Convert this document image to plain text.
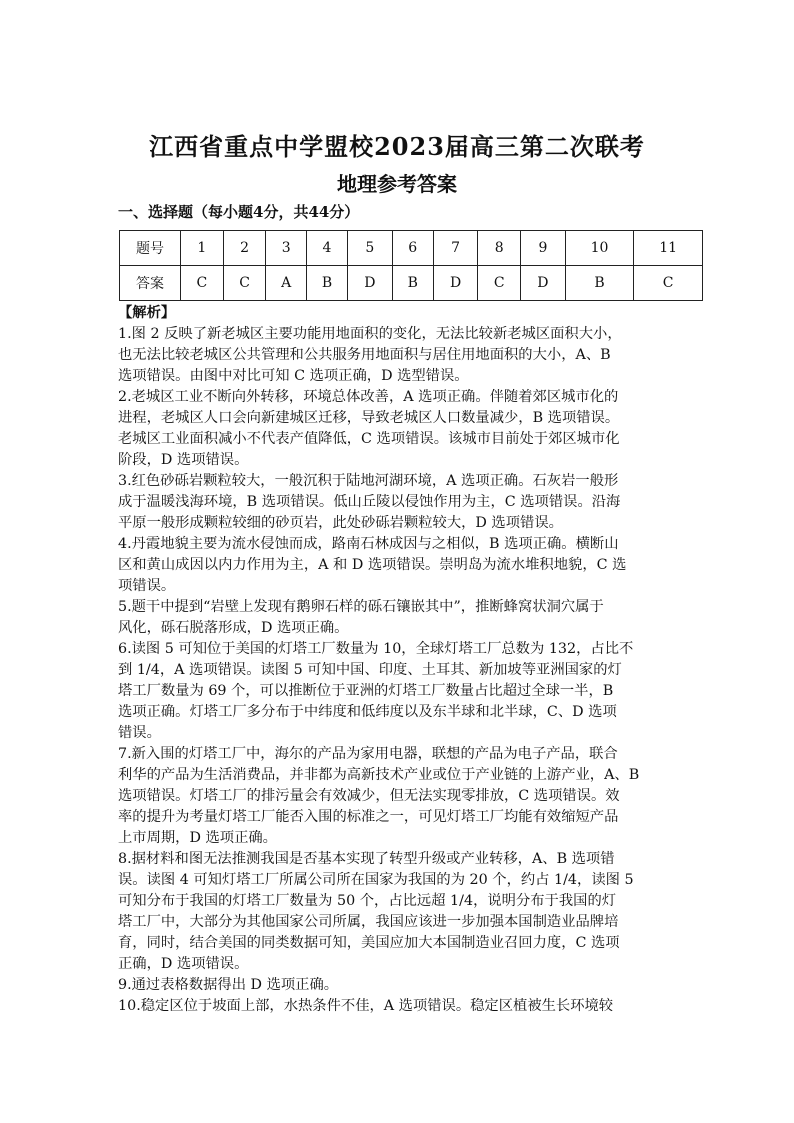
江西省重点中学盟校2023届高三第二次联考
地理参考答案
一、选择题（每小题4分，共44分）
题号	1	2	3	4	5	6	7	8	9	10	11
答案	C	C	A	B	D	B	D	C	D	B	C

【解析】

1.图 2 反映了新老城区主要功能用地面积的变化，无法比较新老城区面积大小，

也无法比较老城区公共管理和公共服务用地面积与居住用地面积的大小，A、B

选项错误。由图中对比可知 C 选项正确，D 选型错误。

2.老城区工业不断向外转移，环境总体改善，A 选项正确。伴随着郊区城市化的

进程，老城区人口会向新建城区迁移，导致老城区人口数量减少，B 选项错误。

老城区工业面积减小不代表产值降低，C 选项错误。该城市目前处于郊区城市化

阶段，D 选项错误。

3.红色砂砾岩颗粒较大，一般沉积于陆地河湖环境，A 选项正确。石灰岩一般形

成于温暖浅海环境，B 选项错误。低山丘陵以侵蚀作用为主，C 选项错误。沿海

平原一般形成颗粒较细的砂页岩，此处砂砾岩颗粒较大，D 选项错误。

4.丹霞地貌主要为流水侵蚀而成，路南石林成因与之相似，B 选项正确。横断山

区和黄山成因以内力作用为主，A 和 D 选项错误。崇明岛为流水堆积地貌，C 选

项错误。

5.题干中提到“岩壁上发现有鹅卵石样的砾石镶嵌其中”，推断蜂窝状洞穴属于

风化，砾石脱落形成，D 选项正确。

6.读图 5 可知位于美国的灯塔工厂数量为 10，全球灯塔工厂总数为 132，占比不

到 1/4，A 选项错误。读图 5 可知中国、印度、土耳其、新加坡等亚洲国家的灯

塔工厂数量为 69 个，可以推断位于亚洲的灯塔工厂数量占比超过全球一半，B

选项正确。灯塔工厂多分布于中纬度和低纬度以及东半球和北半球，C、D 选项

错误。

7.新入围的灯塔工厂中，海尔的产品为家用电器，联想的产品为电子产品，联合

利华的产品为生活消费品，并非都为高新技术产业或位于产业链的上游产业，A、B

选项错误。灯塔工厂的排污量会有效减少，但无法实现零排放，C 选项错误。效

率的提升为考量灯塔工厂能否入围的标准之一，可见灯塔工厂均能有效缩短产品

上市周期，D 选项正确。

8.据材料和图无法推测我国是否基本实现了转型升级或产业转移，A、B 选项错

误。读图 4 可知灯塔工厂所属公司所在国家为我国的为 20 个，约占 1/4，读图 5

可知分布于我国的灯塔工厂数量为 50 个，占比远超 1/4，说明分布于我国的灯

塔工厂中，大部分为其他国家公司所属，我国应该进一步加强本国制造业品牌培

育，同时，结合美国的同类数据可知，美国应加大本国制造业召回力度，C 选项

正确，D 选项错误。

9.通过表格数据得出 D 选项正确。

10.稳定区位于坡面上部，水热条件不佳，A 选项错误。稳定区植被生长环境较
